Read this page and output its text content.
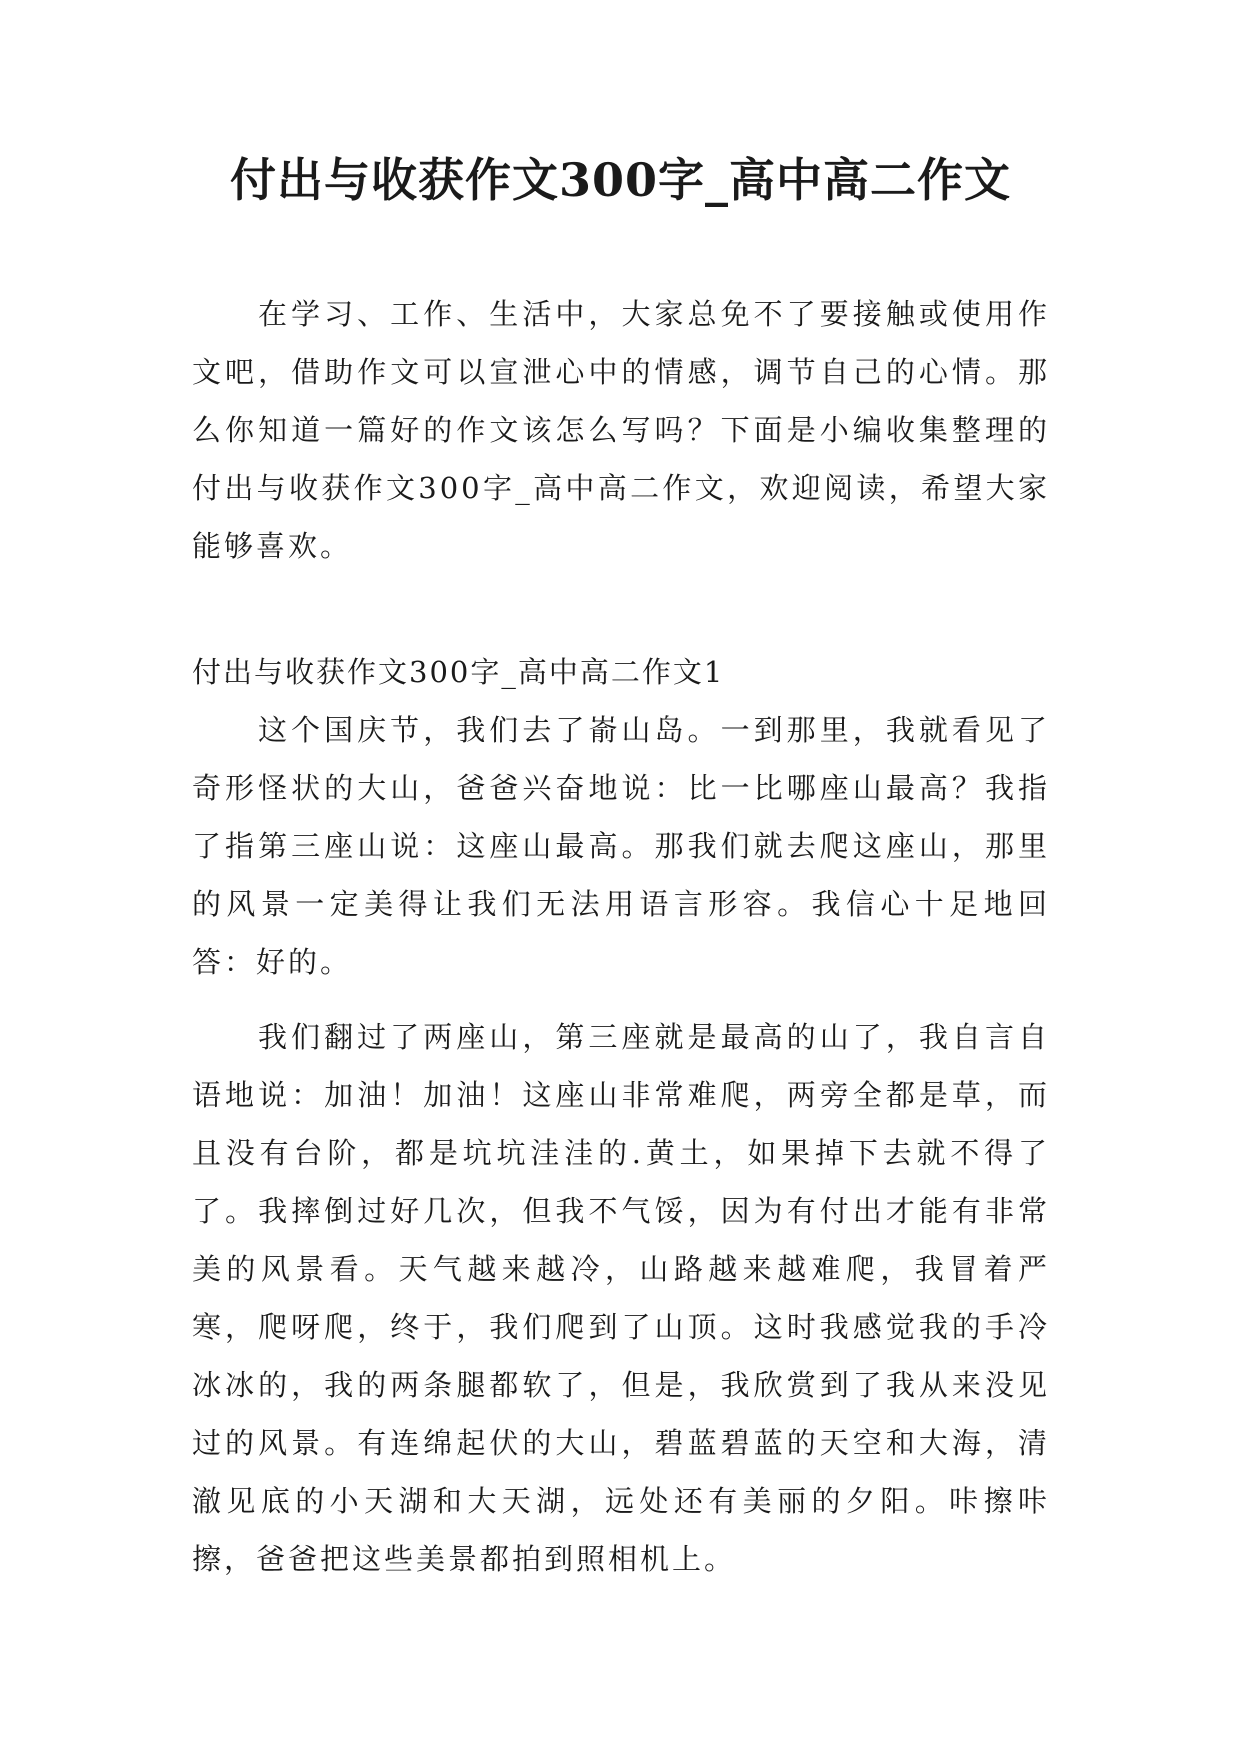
付出与收获作文300字_高中高二作文

在学习、工作、生活中，大家总免不了要接触或使用作文吧，借助作文可以宣泄心中的情感，调节自己的心情。那么你知道一篇好的作文该怎么写吗？下面是小编收集整理的付出与收获作文300字_高中高二作文，欢迎阅读，希望大家能够喜欢。

付出与收获作文300字_高中高二作文1

这个国庆节，我们去了嵛山岛。一到那里，我就看见了奇形怪状的大山，爸爸兴奋地说：比一比哪座山最高？我指了指第三座山说：这座山最高。那我们就去爬这座山，那里的风景一定美得让我们无法用语言形容。我信心十足地回答：好的。

我们翻过了两座山，第三座就是最高的山了，我自言自语地说：加油！加油！这座山非常难爬，两旁全都是草，而且没有台阶，都是坑坑洼洼的.黄土，如果掉下去就不得了了。我摔倒过好几次，但我不气馁，因为有付出才能有非常美的风景看。天气越来越冷，山路越来越难爬，我冒着严寒，爬呀爬，终于，我们爬到了山顶。这时我感觉我的手冷冰冰的，我的两条腿都软了，但是，我欣赏到了我从来没见过的风景。有连绵起伏的大山，碧蓝碧蓝的天空和大海，清澈见底的小天湖和大天湖，远处还有美丽的夕阳。咔擦咔擦，爸爸把这些美景都拍到照相机上。
